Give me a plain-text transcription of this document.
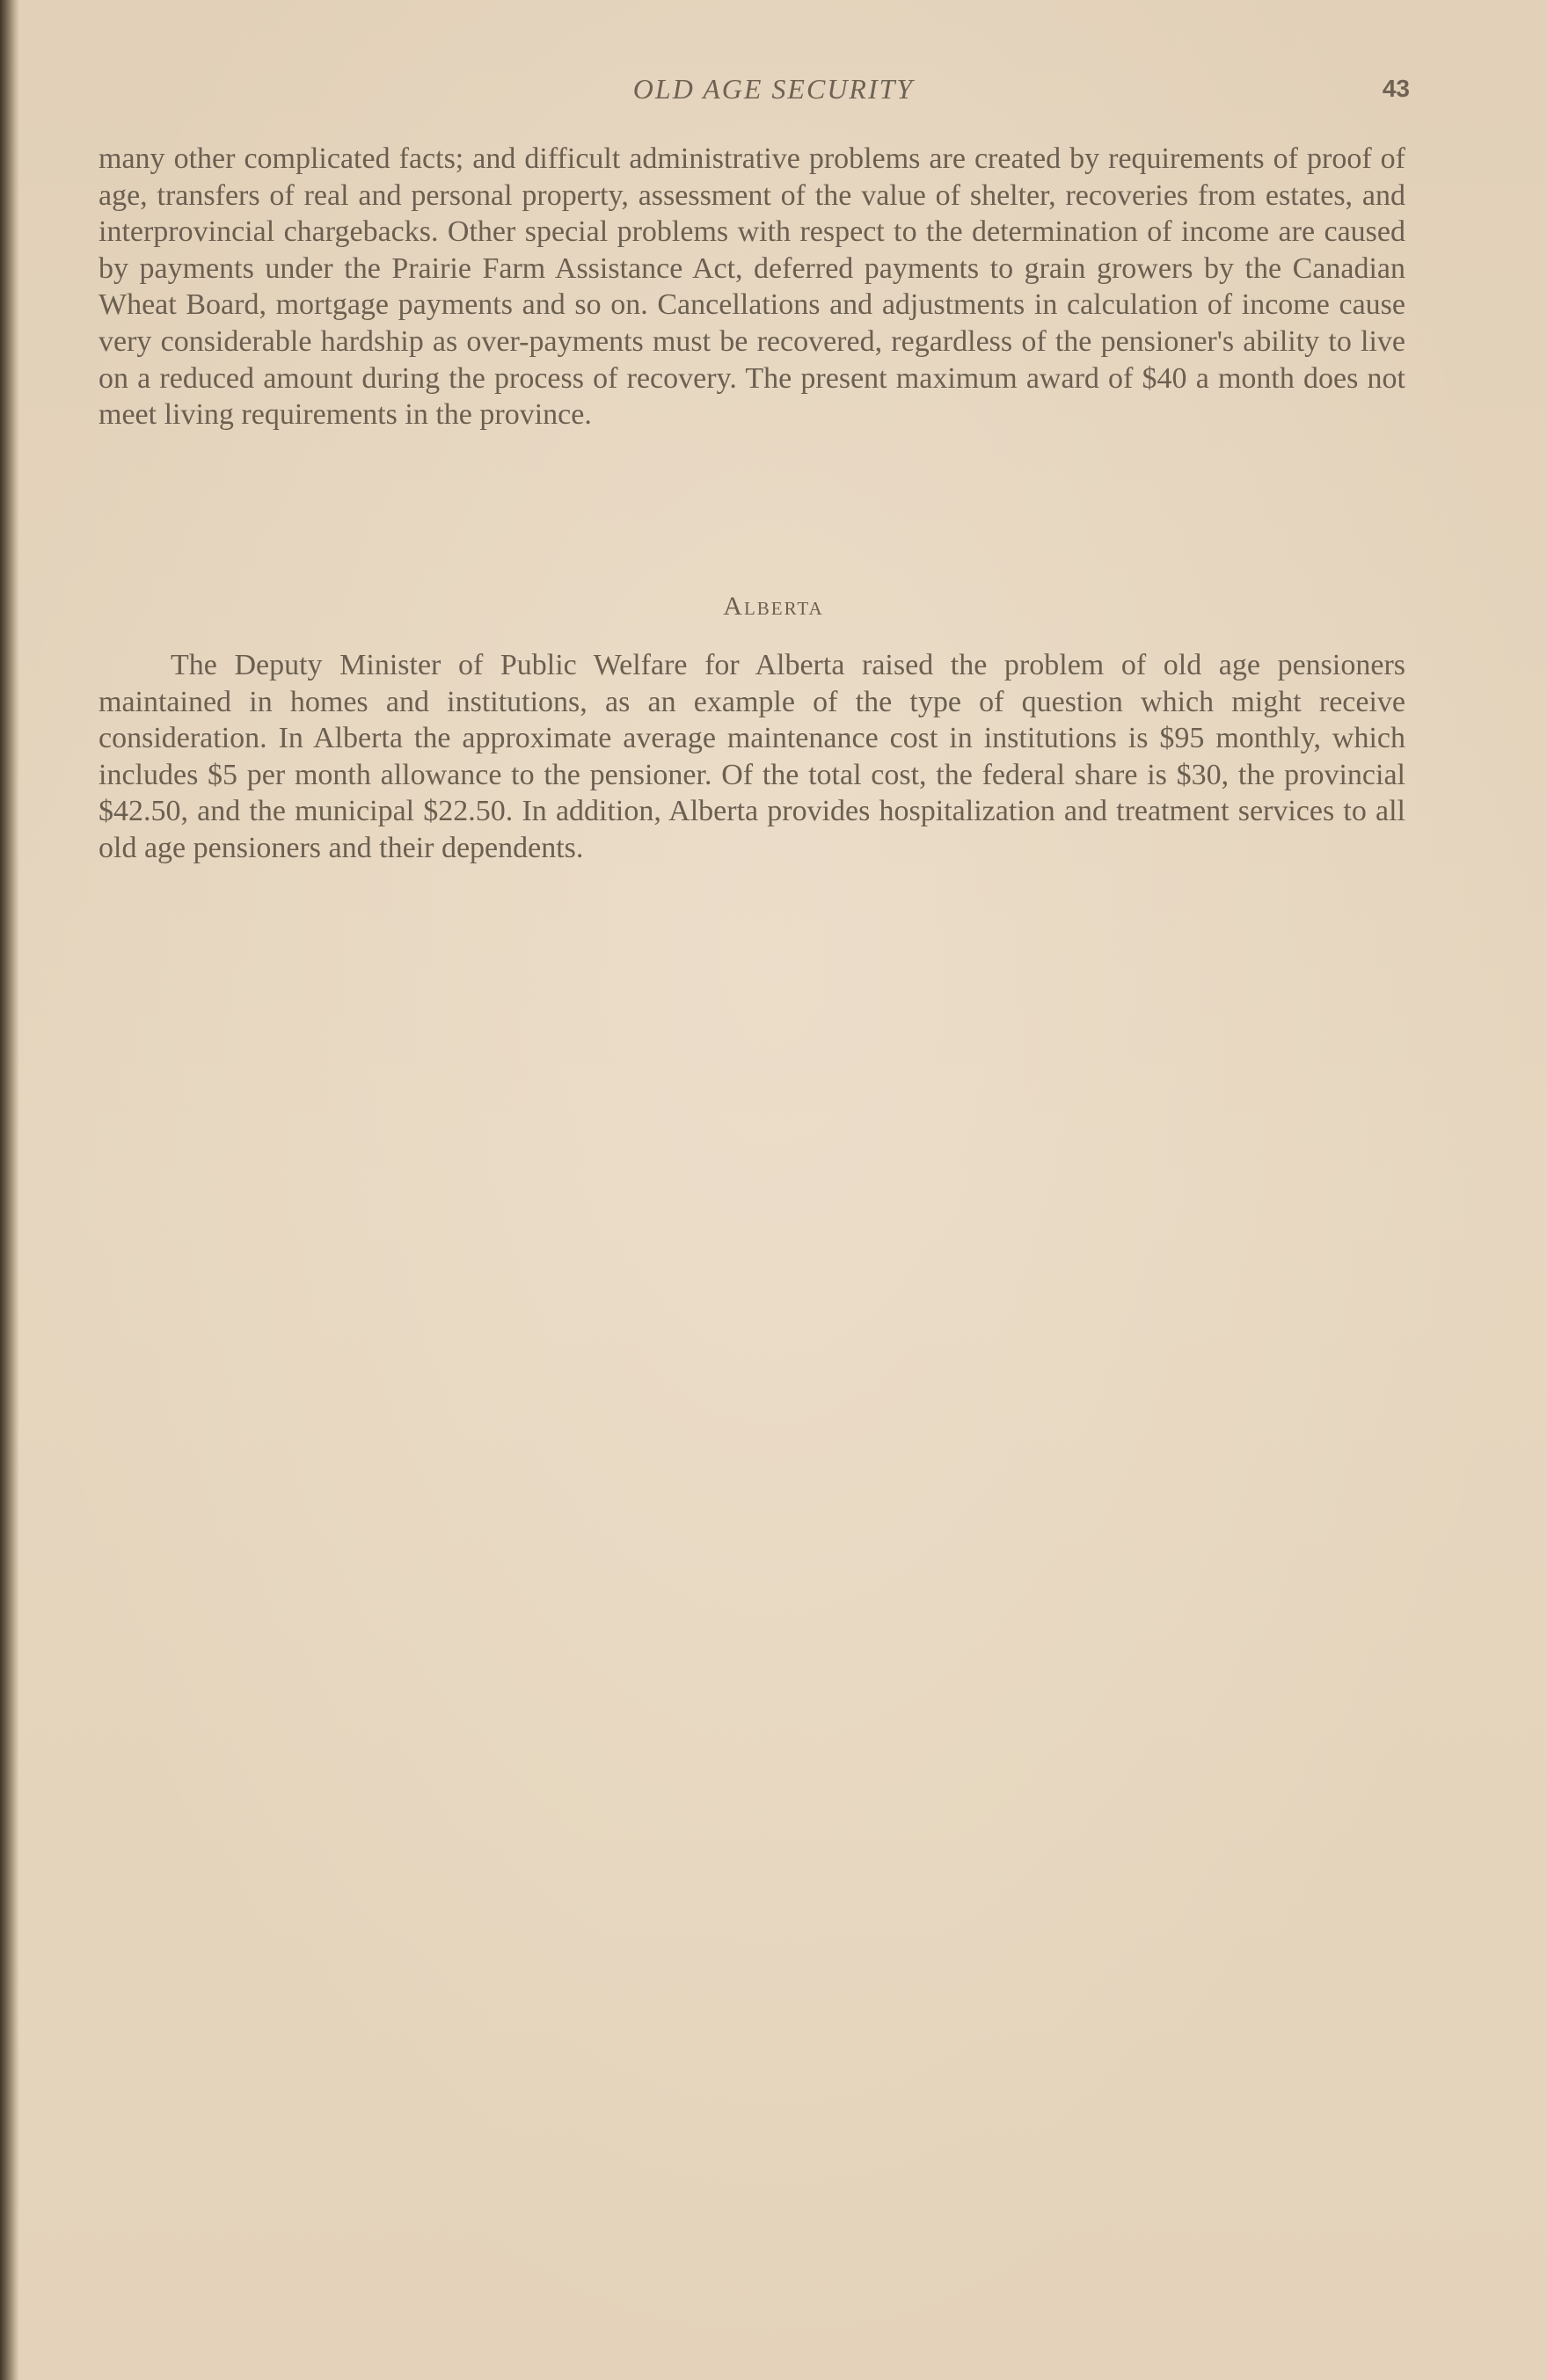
OLD AGE SECURITY	43

many other complicated facts; and difficult administrative problems are created by requirements of proof of age, transfers of real and personal property, assessment of the value of shelter, recoveries from estates, and interprovincial chargebacks. Other special problems with respect to the determination of income are caused by payments under the Prairie Farm Assistance Act, deferred payments to grain growers by the Canadian Wheat Board, mortgage payments and so on. Cancellations and adjustments in calculation of income cause very considerable hardship as over-payments must be recovered, regardless of the pensioner's ability to live on a reduced amount during the process of recovery. The present maximum award of $40 a month does not meet living requirements in the province.

Alberta

The Deputy Minister of Public Welfare for Alberta raised the problem of old age pensioners maintained in homes and institutions, as an example of the type of question which might receive consideration. In Alberta the approximate average maintenance cost in institutions is $95 monthly, which includes $5 per month allowance to the pensioner. Of the total cost, the federal share is $30, the provincial $42.50, and the municipal $22.50. In addition, Alberta provides hospitalization and treatment services to all old age pensioners and their dependents.
